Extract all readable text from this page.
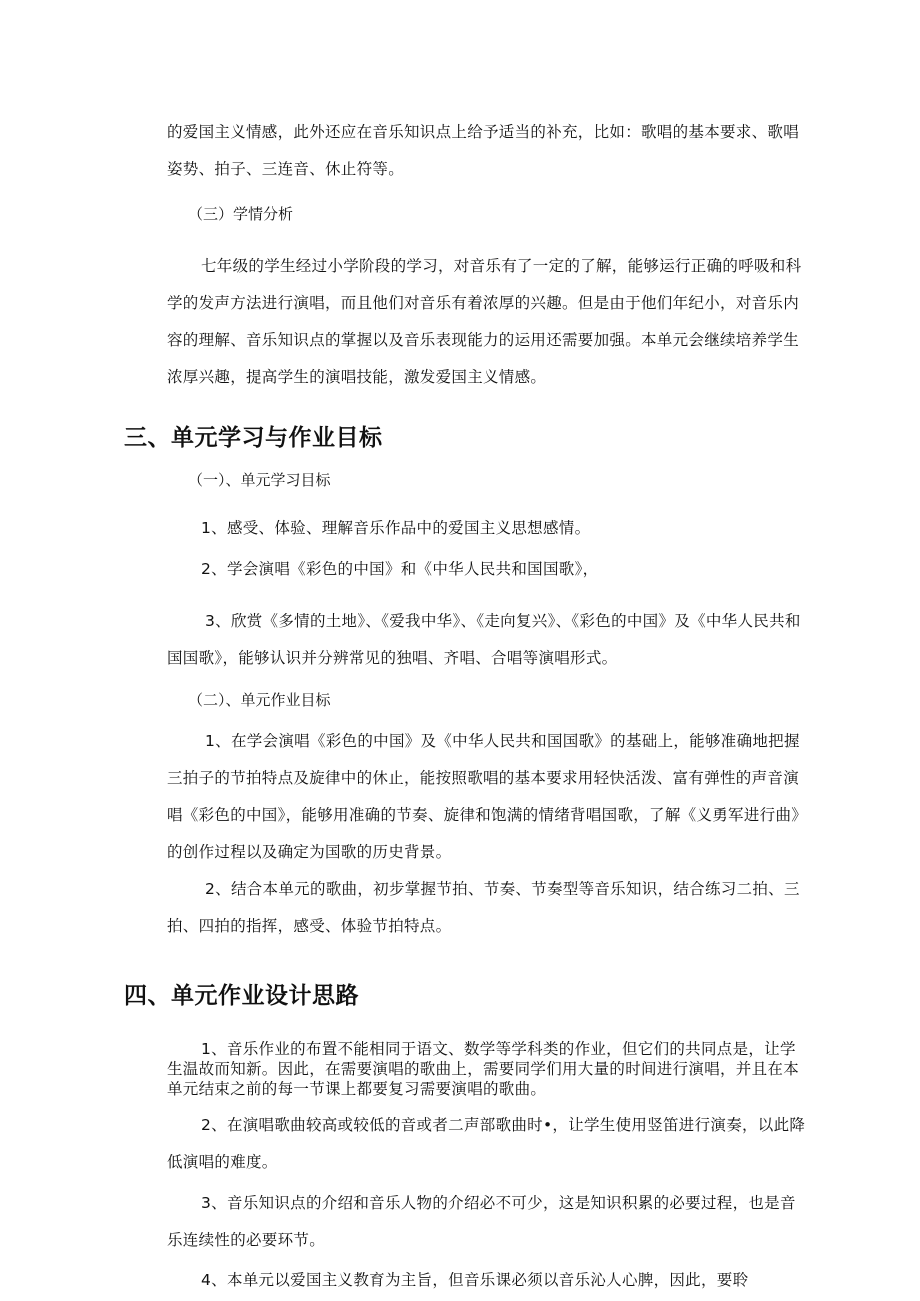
的爱国主义情感，此外还应在音乐知识点上给予适当的补充，比如：歌唱的基本要求、歌唱姿势、拍子、三连音、休止符等。

（三）学情分析

七年级的学生经过小学阶段的学习，对音乐有了一定的了解，能够运行正确的呼吸和科学的发声方法进行演唱，而且他们对音乐有着浓厚的兴趣。但是由于他们年纪小，对音乐内容的理解、音乐知识点的掌握以及音乐表现能力的运用还需要加强。本单元会继续培养学生浓厚兴趣，提高学生的演唱技能，激发爱国主义情感。

三、单元学习与作业目标

（一）、单元学习目标

1、感受、体验、理解音乐作品中的爱国主义思想感情。

2、学会演唱《彩色的中国》和《中华人民共和国国歌》，

3、欣赏《多情的土地》、《爱我中华》、《走向复兴》、《彩色的中国》及《中华人民共和国国歌》，能够认识并分辨常见的独唱、齐唱、合唱等演唱形式。

（二）、单元作业目标

1、在学会演唱《彩色的中国》及《中华人民共和国国歌》的基础上，能够准确地把握三拍子的节拍特点及旋律中的休止，能按照歌唱的基本要求用轻快活泼、富有弹性的声音演唱《彩色的中国》，能够用准确的节奏、旋律和饱满的情绪背唱国歌，了解《义勇军进行曲》的创作过程以及确定为国歌的历史背景。

2、结合本单元的歌曲，初步掌握节拍、节奏、节奏型等音乐知识，结合练习二拍、三拍、四拍的指挥，感受、体验节拍特点。

四、单元作业设计思路

1、音乐作业的布置不能相同于语文、数学等学科类的作业，但它们的共同点是，让学生温故而知新。因此，在需要演唱的歌曲上，需要同学们用大量的时间进行演唱，并且在本单元结束之前的每一节课上都要复习需要演唱的歌曲。

2、在演唱歌曲较高或较低的音或者二声部歌曲时•，让学生使用竖笛进行演奏，以此降低演唱的难度。

3、音乐知识点的介绍和音乐人物的介绍必不可少，这是知识积累的必要过程，也是音乐连续性的必要环节。

4、本单元以爱国主义教育为主旨，但音乐课必须以音乐沁人心脾，因此，要聆
